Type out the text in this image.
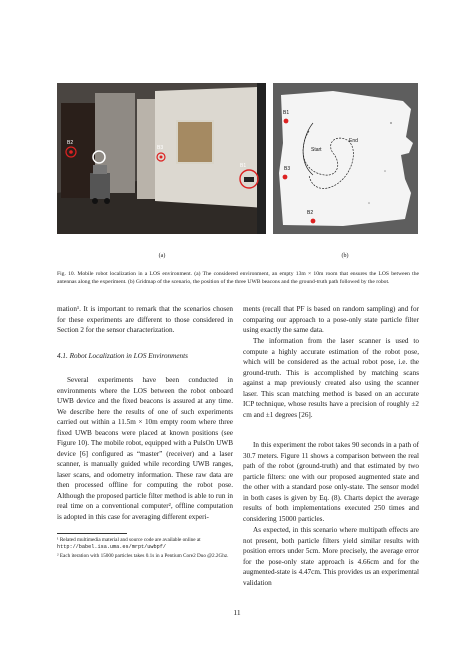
B2
B3
B1
B1
B3
B2
Start
End
(a)	(b)
Fig. 10. Mobile robot localization in a LOS environment. (a) The considered environment, an empty 13m × 10m room that ensures the LOS between the antennas along the experiment. (b) Gridmap of the scenario, the position of the three UWB beacons and the ground-truth path followed by the robot.
mation¹. It is important to remark that the scenarios chosen for these experiments are different to those considered in Section 2 for the sensor characterization.
4.1. Robot Localization in LOS Environments
Several experiments have been conducted in environments where the LOS between the robot onboard UWB device and the fixed beacons is assured at any time. We describe here the results of one of such experiments carried out within a 11.5m × 10m empty room where three fixed UWB beacons were placed at known positions (see Figure 10). The mobile robot, equipped with a PulsOn UWB device [6] configured as “master” (receiver) and a laser scanner, is manually guided while recording UWB ranges, laser scans, and odometry information. These raw data are then processed offline for computing the robot pose. Although the proposed particle filter method is able to run in real time on a conventional computer², offline computation is adopted in this case for averaging different experi-
¹ Related multimedia material and source code are available online at http://babel.isa.uma.es/mrpt/uwbpf/
² Each iteration with 15000 particles takes 0.1s in a Pentium Core2 Duo @2.2Ghz.
ments (recall that PF is based on random sampling) and for comparing our approach to a pose-only state particle filter using exactly the same data.
The information from the laser scanner is used to compute a highly accurate estimation of the robot pose, which will be considered as the actual robot pose, i.e. the ground-truth. This is accomplished by matching scans against a map previously created also using the scanner laser. This scan matching method is based on an accurate ICP technique, whose results have a precision of roughly ±2 cm and ±1 degrees [26].
In this experiment the robot takes 90 seconds in a path of 30.7 meters. Figure 11 shows a comparison between the real path of the robot (ground-truth) and that estimated by two particle filters: one with our proposed augmented state and the other with a standard pose only-state. The sensor model in both cases is given by Eq. (8). Charts depict the average results of both implementations executed 250 times and considering 15000 particles.
As expected, in this scenario where multipath effects are not present, both particle filters yield similar results with position errors under 5cm. More precisely, the average error for the pose-only state approach is 4.66cm and for the augmented-state is 4.47cm. This provides us an experimental validation
11
